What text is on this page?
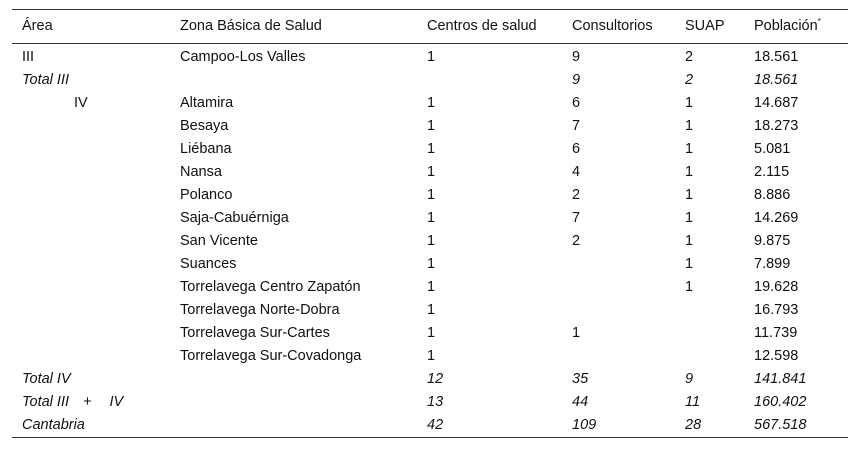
Área	Zona Básica de Salud	Centros de salud	Consultorios	SUAP	Población*
III	Campoo-Los Valles	1	9	2	18.561
Total III			9	2	18.561
IV	Altamira	1	6	1	14.687
	Besaya	1	7	1	18.273
	Liébana	1	6	1	5.081
	Nansa	1	4	1	2.115
	Polanco	1	2	1	8.886
	Saja-Cabuérniga	1	7	1	14.269
	San Vicente	1	2	1	9.875
	Suances	1		1	7.899
	Torrelavega Centro Zapatón	1		1	19.628
	Torrelavega Norte-Dobra	1			16.793
	Torrelavega Sur-Cartes	1	1		11.739
	Torrelavega Sur-Covadonga	1			12.598
Total IV		12	35	9	141.841
Total III + IV		13	44	11	160.402
Cantabria		42	109	28	567.518
